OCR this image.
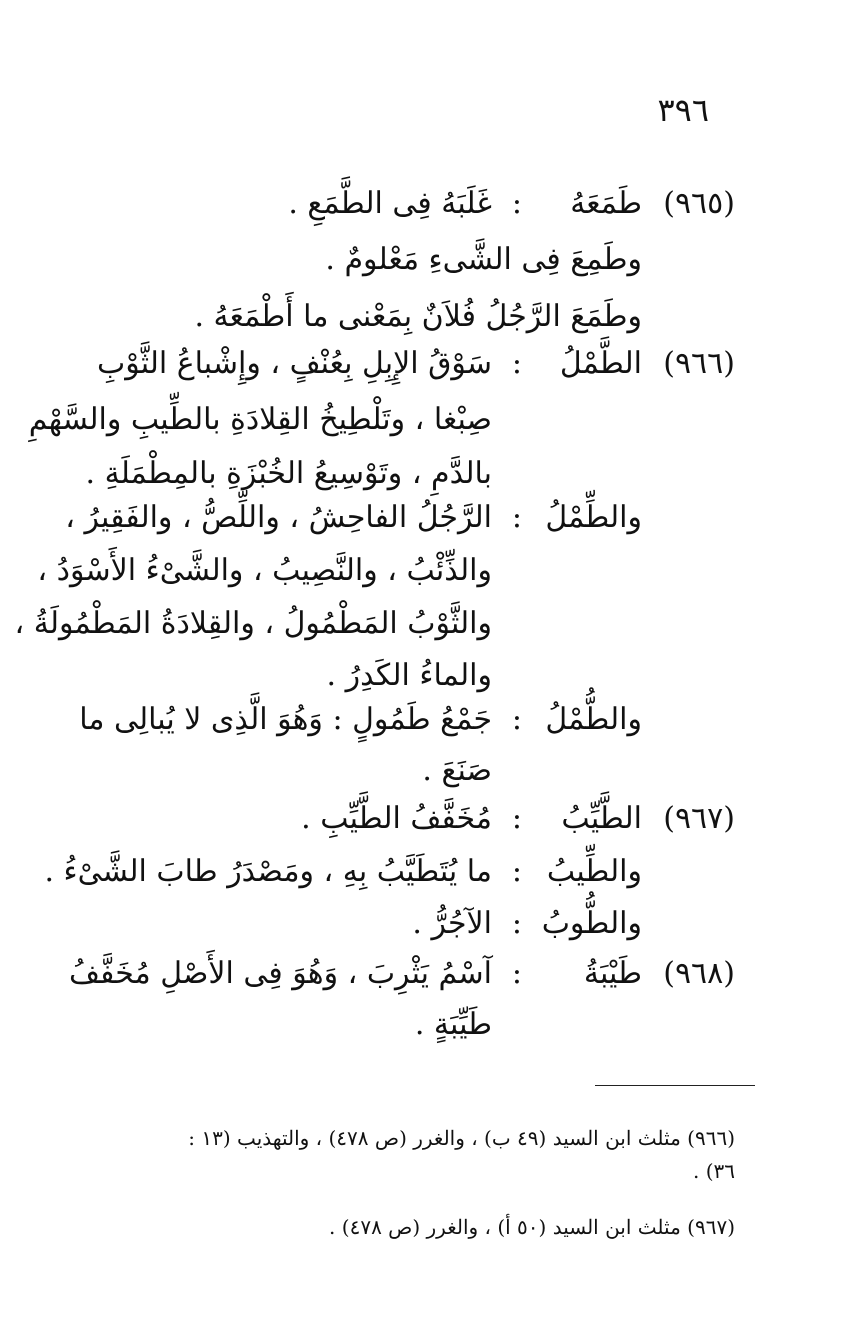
٣٩٦
(٩٦٥)
طَمَعَهُ
:
غَلَبَهُ فِى الطَّمَعِ .
وطَمِعَ فِى الشَّىءِ مَعْلومٌ .
وطَمَعَ الرَّجُلُ فُلاَنٌ بِمَعْنى ما أَطْمَعَهُ .
(٩٦٦)
الطَّمْلُ
:
سَوْقُ الإِبِلِ بِعُنْفٍ ، وإِشْباعُ الثَّوْبِ
صِبْغا ، وتَلْطِيخُ القِلادَةِ بالطِّيبِ والسَّهْمِ
بالدَّمِ ، وتَوْسِيعُ الخُبْزَةِ بالمِطْمَلَةِ .
والطِّمْلُ
:
الرَّجُلُ الفاحِشُ ، واللِّصُّ ، والفَقِيرُ ،
والذِّئْبُ ، والنَّصِيبُ ، والشَّىْءُ الأَسْوَدُ ،
والثَّوْبُ المَطْمُولُ ، والقِلادَةُ المَطْمُولَةُ ،
والماءُ الكَدِرُ .
والطُّمْلُ
:
جَمْعُ طَمُولٍ : وَهُوَ الَّذِى لا يُبالِى ما
صَنَعَ .
(٩٦٧)
الطَّيِّبُ
:
مُخَفَّفُ الطَّيِّبِ .
والطِّيبُ
:
ما يُتَطَيَّبُ بِهِ ، ومَصْدَرُ طابَ الشَّىْءُ .
والطُّوبُ
:
الآجُرُّ .
(٩٦٨)
طَيْبَةُ
:
آسْمُ يَثْرِبَ ، وَهُوَ فِى الأَصْلِ مُخَفَّفُ
طَيِّبَةٍ .
(٩٦٦) مثلث ابن السيد (٤٩ ب) ، والغرر (ص ٤٧٨) ، والتهذيب (١٣ :
٣٦) .
(٩٦٧) مثلث ابن السيد (٥٠ أ) ، والغرر (ص ٤٧٨) .
